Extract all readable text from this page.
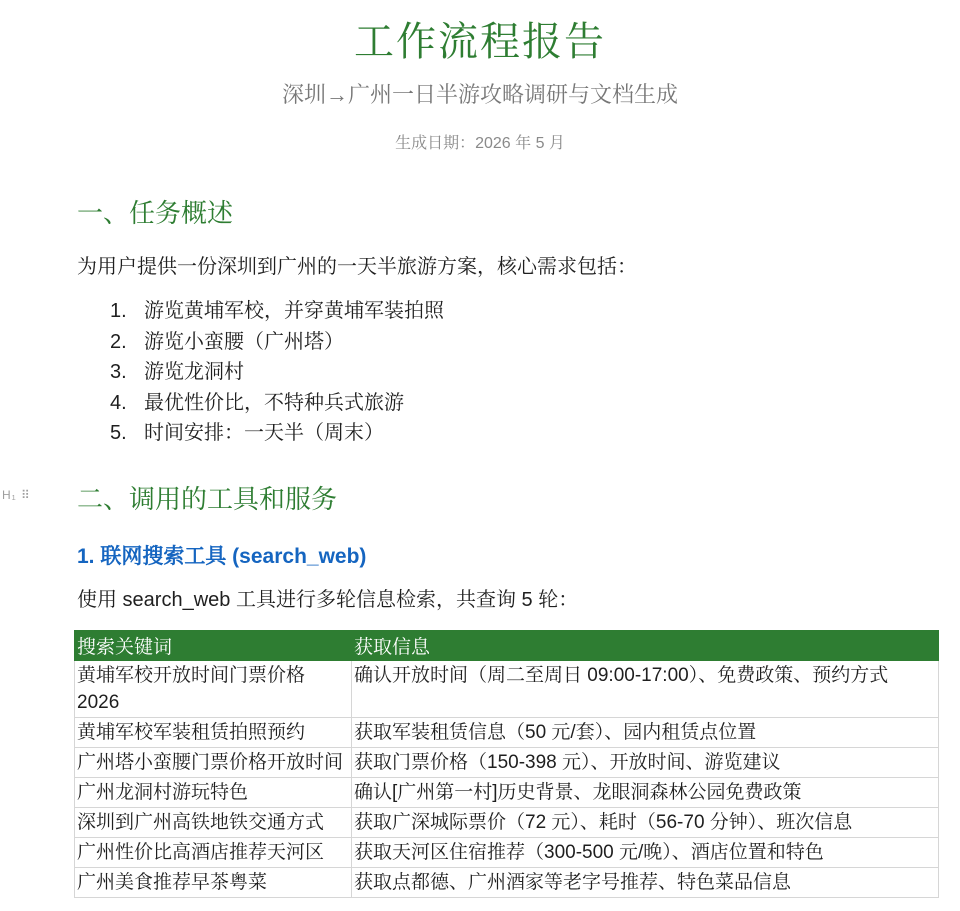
工作流程报告
深圳→广州一日半游攻略调研与文档生成
生成日期：2026 年 5 月
一、任务概述
为用户提供一份深圳到广州的一天半旅游方案，核心需求包括：
1. 游览黄埔军校，并穿黄埔军装拍照
2. 游览小蛮腰（广州塔）
3. 游览龙洞村
4. 最优性价比，不特种兵式旅游
5. 时间安排：一天半（周末）
H₁ ⠿ 二、调用的工具和服务
1. 联网搜索工具 (search_web)
使用 search_web 工具进行多轮信息检索，共查询 5 轮：
搜索关键词	获取信息
黄埔军校开放时间门票价格 2026	确认开放时间（周二至周日 09:00-17:00）、免费政策、预约方式
黄埔军校军装租赁拍照预约	获取军装租赁信息（50 元/套）、园内租赁点位置
广州塔小蛮腰门票价格开放时间	获取门票价格（150-398 元）、开放时间、游览建议
广州龙洞村游玩特色	确认[广州第一村]历史背景、龙眼洞森林公园免费政策
深圳到广州高铁地铁交通方式	获取广深城际票价（72 元）、耗时（56-70 分钟）、班次信息
广州性价比高酒店推荐天河区	获取天河区住宿推荐（300-500 元/晚）、酒店位置和特色
广州美食推荐早茶粤菜	获取点都德、广州酒家等老字号推荐、特色菜品信息
